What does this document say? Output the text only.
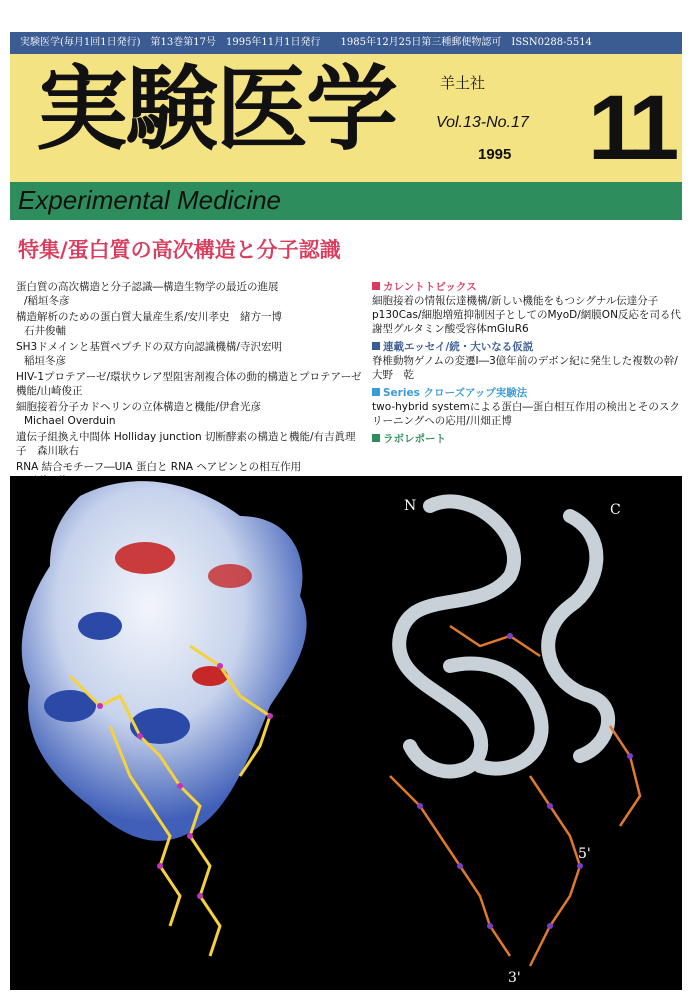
実験医学(毎月1回1日発行)　第13巻第17号　1995年11月1日発行　　1985年12月25日第三種郵便物認可　ISSN0288-5514
実験医学	羊土社
Vol.13-No.17
1995 11
Experimental Medicine
特集/蛋白質の高次構造と分子認識
蛋白質の高次構造と分子認識―構造生物学の最近の進展
/稲垣冬彦
構造解析のための蛋白質大量産生系/安川孝史　緒方一博
石井俊輔
SH3ドメインと基質ペプチドの双方向認識機構/寺沢宏明
稲垣冬彦
HIV-1プロテアーゼ/環状ウレア型阻害剤複合体の動的構造とプロテアーゼ機能/山崎俊正
細胞接着分子カドヘリンの立体構造と機能/伊倉光彦
Michael Overduin
遺伝子組換え中間体 Holliday junction 切断酵素の構造と機能/有吉眞理子　森川耿右
RNA 結合モチーフ―UIA 蛋白と RNA ヘアピンとの相互作用
カレントトピックス
細胞接着の情報伝達機構/新しい機能をもつシグナル伝達分子p130Cas/細胞増殖抑制因子としてのMyoD/網膜ON反応を司る代謝型グルタミン酸受容体mGluR6
連載エッセイ/続・大いなる仮説
脊椎動物ゲノムの変遷Ⅰ―3億年前のデボン紀に発生した複数の幹/大野　乾
Series クローズアップ実験法
two-hybrid systemによる蛋白―蛋白相互作用の検出とそのスクリーニングへの応用/川畑正博
ラボレポート
N	C
5'
3'
